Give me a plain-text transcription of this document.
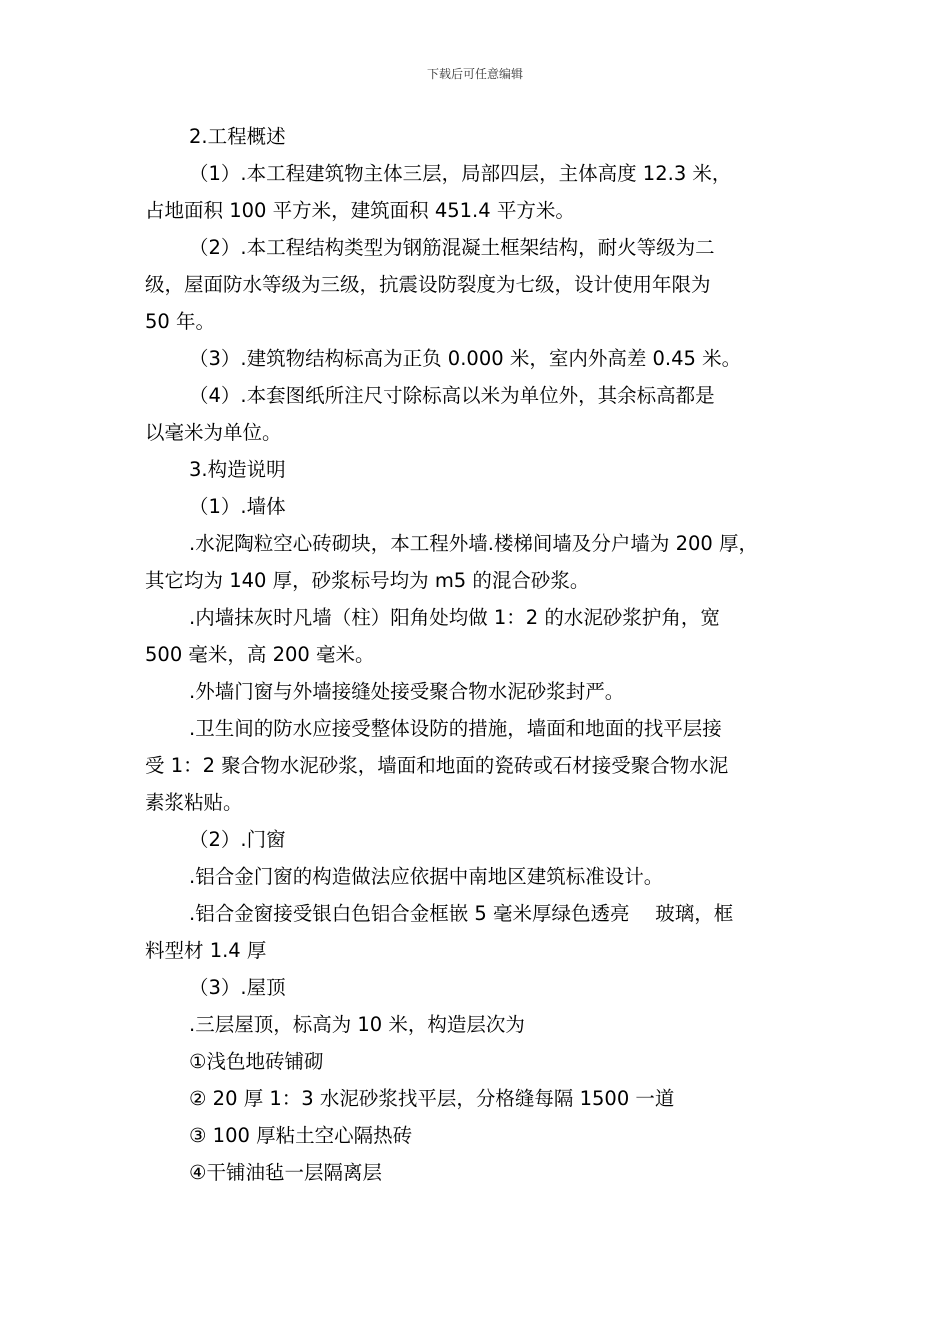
下载后可任意编辑

2.工程概述

（1）.本工程建筑物主体三层，局部四层，主体高度 12.3 米，

占地面积 100 平方米，建筑面积 451.4 平方米。

（2）.本工程结构类型为钢筋混凝土框架结构，耐火等级为二

级，屋面防水等级为三级，抗震设防裂度为七级，设计使用年限为

50 年。

（3）.建筑物结构标高为正负 0.000 米，室内外高差 0.45 米。

（4）.本套图纸所注尺寸除标高以米为单位外，其余标高都是

以毫米为单位。

3.构造说明

（1）.墙体

.水泥陶粒空心砖砌块，本工程外墙.楼梯间墙及分户墙为 200 厚，

其它均为 140 厚，砂浆标号均为 m5 的混合砂浆。

.内墙抹灰时凡墙（柱）阳角处均做 1：2 的水泥砂浆护角，宽

500 毫米，高 200 毫米。

.外墙门窗与外墙接缝处接受聚合物水泥砂浆封严。

.卫生间的防水应接受整体设防的措施，墙面和地面的找平层接

受 1：2 聚合物水泥砂浆，墙面和地面的瓷砖或石材接受聚合物水泥

素浆粘贴。

（2）.门窗

.铝合金门窗的构造做法应依据中南地区建筑标准设计。

.铝合金窗接受银白色铝合金框嵌 5 毫米厚绿色透亮　 玻璃，框

料型材 1.4 厚

（3）.屋顶

.三层屋顶，标高为 10 米，构造层次为

①浅色地砖铺砌

② 20 厚 1：3 水泥砂浆找平层，分格缝每隔 1500 一道

③ 100 厚粘土空心隔热砖

④干铺油毡一层隔离层
